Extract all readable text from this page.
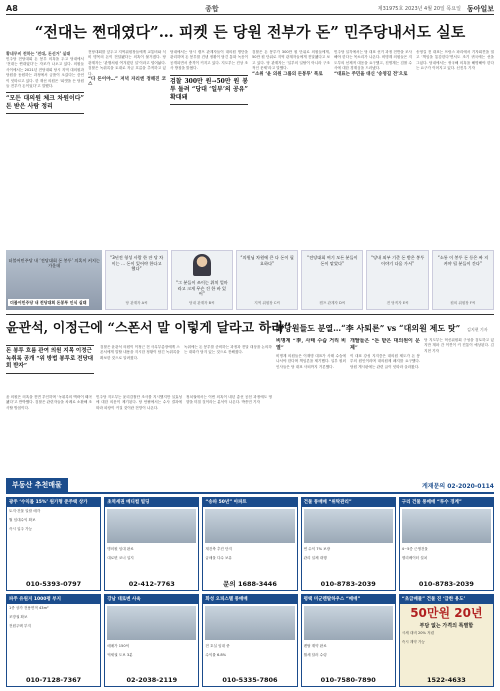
A8	종합	제31975호 2023년 4월 20일 목요일 동아일보
“전대는 쩐대였다”… 피켓 든 당원 전부가 돈” 민주당내서도 실토
황네무비 전하는 ‘전대, 돈선거’ 실태

민주당 전당대회 돈 봉투 의혹을 두고 당내에서 ‘전대는 쩐대였다’는 자조가 나오고 있다. 의원들 사이에서는 2021년 전당대회 당시 지역 대의원과 당원을 동원하는 과정에서 금품이 오갔다는 증언이 잇따르고 있다. 한 재선 의원은 ‘피켓을 든 당원들 전부가 돈이었다’고 말했다.

“모든 대의원 체크 차원이다” 돈 받은 사람 정리

전당대회를 앞두고 지역위원장들에게 교통비와 식비 명목의 돈이 전달됐다는 의혹이 불거졌다. 당 관계자는 ‘관행처럼 여겨졌던 일’이라고 털어놨다. 검찰은 녹취록을 토대로 자금 흐름을 추적하고 있다.

“다 돈이야…” 저녁 자리엔 정해진 코스

당내에서는 당시 캠프 관계자들이 대의원 명단을 관리하며 돈 봉투를 건넨 정황이 담긴 통화 녹음이 공개되면서 충격이 커지고 있다. 지도부는 진상 조사 방침을 밝혔다.

검찰 300만 원→50만 원 봉투 돌려 “당대 ‘일부’의 공유” 확대돼

검찰은 돈 봉투가 300만 원 단위로 의원들에게, 50만 원 단위로 지역 관계자들에게 전달됐다고 보고 있다. 당 관계자는 ‘일부의 일탈이 아니라 구조적인 문제’라고 말했다.

“소위 ‘윤 의원 그룹의 돈봉투’ 폭로

민주당 일각에서는 당 대표 선거 과정 전반을 조사해야 한다는 목소리가 나온다. 비명계 의원들은 지도부의 선제적 대응을 요구했고, 친명계는 검찰 수사에 대한 경계심을 드러냈다.

“대표는 주민을 대신 ‘송영길 전’으로

송영길 전 대표는 프랑스 파리에서 기자회견을 열고 ‘책임을 통감한다’면서도 조기 귀국에는 선을 그었다. 당내에서는 귀국해 의혹을 해명해야 한다는 요구가 이어지고 있다. 신진우 기자

더불어민주당 내 ‘전당대회 돈 봉투’ 의혹이 커지는 가운데
더불어민주당 내 전당대회 돈봉투 인식 실태
“3년전 형성 사람 한 잔 당 차이는 … 돈이 있어야 한다고 했다”
당 관계자 A씨
“그 분들이 쓰이는 위치 얼마라고 크게 무슨 건 한 바 있어”
당내 관계자 B씨
“의원님 차원에 큰 다 돈이 필요하다”
지역 위원장 C씨
“전당대회 여기 모든 분들이 돈이 맡았다”
캠프 관계자 D씨
“당내 외부 기준 돈 받은 봉투 이야기 다음 가서”
전 당직자 E씨
“소통 이 봉투 돈 등은 짜 지켜야 될 분들이 간다”
원외 위원장 F씨
윤관석, 이정근에 “스폰서 말 이렇게 달라고 하라”
野당원들도 분열…“李 사퇴론” vs “대의원 제도 탓” 김지현 기자
돈 봉투 흐름 관여 의원 지목 이정근 녹취록 공개 “위 방법 봉투로 전당대회 받자”
검찰은 윤관석 의원이 이정근 전 사무부총장에게 스폰서에게 말할 내용을 지시한 정황이 담긴 녹취록을 확보한 것으로 알려졌다.
녹취에는 돈 봉투를 준비하는 과정과 전달 대상을 논의하는 대화가 담겨 있는 것으로 전해졌다.
윤 의원은 의혹을 전면 부인하며 ‘녹취록의 맥락이 왜곡됐다’고 반박했다. 검찰은 관련자들을 차례로 소환해 조사할 방침이다.
민주당 지도부는 윤리감찰단 조사를 지시했지만 실효성에 대한 의문이 제기된다. 당 안팎에서는 수사 결과에 따라 파장이 커질 것이란 전망이 나온다.
정치권에서는 이번 의혹이 내년 총선 공천 과정에도 영향을 미칠 것이라는 분석이 나온다. 박종민 기자
비명계 “李, 사태 수습 거리 비열”

비명계 의원들은 이재명 대표가 사태 수습에 나서야 한다며 책임론을 제기했다. 일부 원외 인사들은 당 대표 사퇴까지 거론했다.

개딸들은 “돈 받은 대의원이 문제”

이 대표 강성 지지층은 대의원 제도가 돈 봉투의 원인이라며 대의원제 폐지를 요구했다. 당원 게시판에는 관련 글이 잇따라 올라왔다.

당 지도부는 혁신위원회 구성을 검토하고 있지만 계파 간 이견이 커 진통이 예상된다. 김지현 기자

부동산 추천매물	게재문의 02-2020-0114
광주 ‘수익률 15%’ 원가형 준주택 상가
토지·건물 일괄 매각
월 임대수익 확보
즉시 입주 가능
010-5393-0797
초역세권 메디컬 빌딩
병의원 임대 완료
대로변 코너 입지
02-412-7763
“송파 50년” 아파트
재건축 추진 단지
급매물 다수 보유
문의 1688-3446
건물 통매매 “위탁관리”
연 수익 7% 보장
관리 일체 대행
010-8783-2039
구리 건물 통매매 “투수 경계”
4~5층 근생건물
엘리베이터 설치
010-8783-2039
파주 유원지 1000평 부지
1종 상가 전용면적 43m²
조망권 확보
전원주택 부지
010-7128-7367
강남 대로변 사옥
매매가 150억
역세권 도보 3분
02-2038-2119
화성 오피스텔 통매매
전 호실 임대 중
수익률 6.8%
010-5335-7806
평택 미군렌탈하우스 “매매”
렌탈 계약 완료
월세 달러 수령
010-7580-7890
“초급매물” 건물 진 ‘급한 용도’
50만원 20년
부담 없는 가격의 특별함
시세 대비 20% 저렴
즉시 계약 가능
1522-4633
